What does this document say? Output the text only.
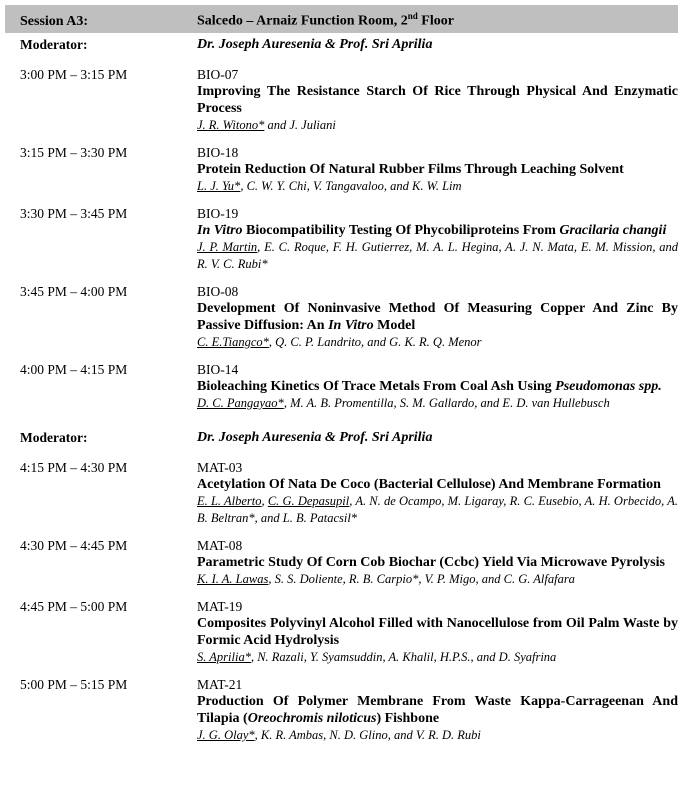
Session A3:	Salcedo – Arnaiz Function Room, 2nd Floor
Moderator:	Dr. Joseph Auresenia & Prof. Sri Aprilia
3:00 PM – 3:15 PM	BIO-07
Improving The Resistance Starch Of Rice Through Physical And Enzymatic Process
J. R. Witono* and J. Juliani
3:15 PM – 3:30 PM	BIO-18
Protein Reduction Of Natural Rubber Films Through Leaching Solvent
L. J. Yu*, C. W. Y. Chi, V. Tangavaloo, and K. W. Lim
3:30 PM – 3:45 PM	BIO-19
In Vitro Biocompatibility Testing Of Phycobiliproteins From Gracilaria changii
J. P. Martin, E. C. Roque, F. H. Gutierrez, M. A. L. Hegina, A. J. N. Mata, E. M. Mission, and R. V. C. Rubi*
3:45 PM – 4:00 PM	BIO-08
Development Of Noninvasive Method Of Measuring Copper And Zinc By Passive Diffusion: An In Vitro Model
C. E.Tiangco*, Q. C. P. Landrito, and G. K. R. Q. Menor
4:00 PM – 4:15 PM	BIO-14
Bioleaching Kinetics Of Trace Metals From Coal Ash Using Pseudomonas spp.
D. C. Pangayao*, M. A. B. Promentilla, S. M. Gallardo, and E. D. van Hullebusch
Moderator:	Dr. Joseph Auresenia & Prof. Sri Aprilia
4:15 PM – 4:30 PM	MAT-03
Acetylation Of Nata De Coco (Bacterial Cellulose) And Membrane Formation
E. L. Alberto, C. G. Depasupil, A. N. de Ocampo, M. Ligaray, R. C. Eusebio, A. H. Orbecido, A. B. Beltran*, and L. B. Patacsil*
4:30 PM – 4:45 PM	MAT-08
Parametric Study Of Corn Cob Biochar (Ccbc) Yield Via Microwave Pyrolysis
K. I. A. Lawas, S. S. Doliente, R. B. Carpio*, V. P. Migo, and C. G. Alfafara
4:45 PM – 5:00 PM	MAT-19
Composites Polyvinyl Alcohol Filled with Nanocellulose from Oil Palm Waste by Formic Acid Hydrolysis
S. Aprilia*, N. Razali, Y. Syamsuddin, A. Khalil, H.P.S., and D. Syafrina
5:00 PM – 5:15 PM	MAT-21
Production Of Polymer Membrane From Waste Kappa-Carrageenan And Tilapia (Oreochromis niloticus) Fishbone
J. G. Olay*, K. R. Ambas, N. D. Glino, and V. R. D. Rubi
